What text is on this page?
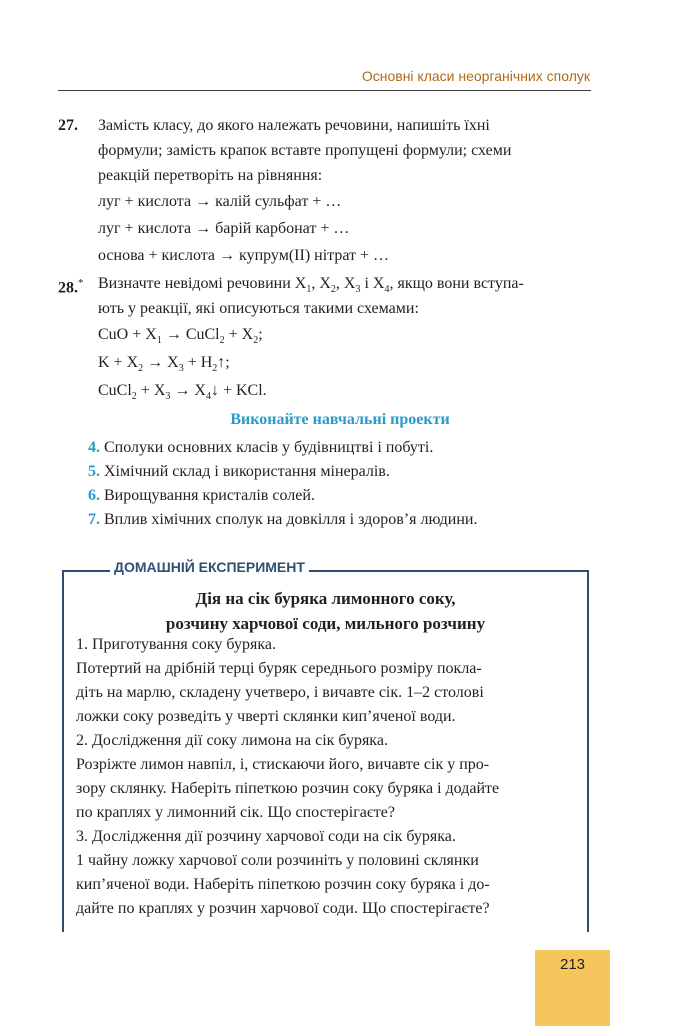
Основні класи неорганічних сполук
27. Замість класу, до якого належать речовини, напишіть їхні
формули; замість крапок вставте пропущені формули; схеми
реакцій перетворіть на рівняння:
луг + кислота → калій сульфат + …
луг + кислота → барій карбонат + …
основа + кислота → купрум(II) нітрат + …
28.* Визначте невідомі речовини $X_1$, $X_2$, $X_3$ і $X_4$, якщо вони вступа-
ють у реакції, які описуються такими схемами:
CuO + $X_1$ → CuCl$_2$ + $X_2$;
$K + X_2 \to X_3$ + $H_2↑$;
CuCl$_2$ + $X_3$ → $X_4↓$ + KCl.
Виконайте навчальні проекти
4. Сполуки основних класів у будівництві і побуті.
5. Хімічний склад і використання мінералів.
6. Вирощування кристалів солей.
7. Вплив хімічних сполук на довкілля і здоров’я людини.
ДОМАШНІЙ ЕКСПЕРИМЕНТ
Дія на сік буряка лимонного соку,
розчину харчової соди, мильного розчину
1. Приготування соку буряка.
Потертий на дрібній терці буряк середнього розміру покла-
діть на марлю, складену учетверо, і вичавте сік. 1–2 столові
ложки соку розведіть у чверті склянки кип’яченої води.
2. Дослідження дії соку лимона на сік буряка.
Розріжте лимон навпіл, і, стискаючи його, вичавте сік у про-
зору склянку. Наберіть піпеткою розчин соку буряка і додайте
по краплях у лимонний сік. Що спостерігаєте?
3. Дослідження дії розчину харчової соди на сік буряка.
1 чайну ложку харчової соли розчиніть у половині склянки
кип’яченої води. Наберіть піпеткою розчин соку буряка і до-
дайте по краплях у розчин харчової соди. Що спостерігаєте?
213
